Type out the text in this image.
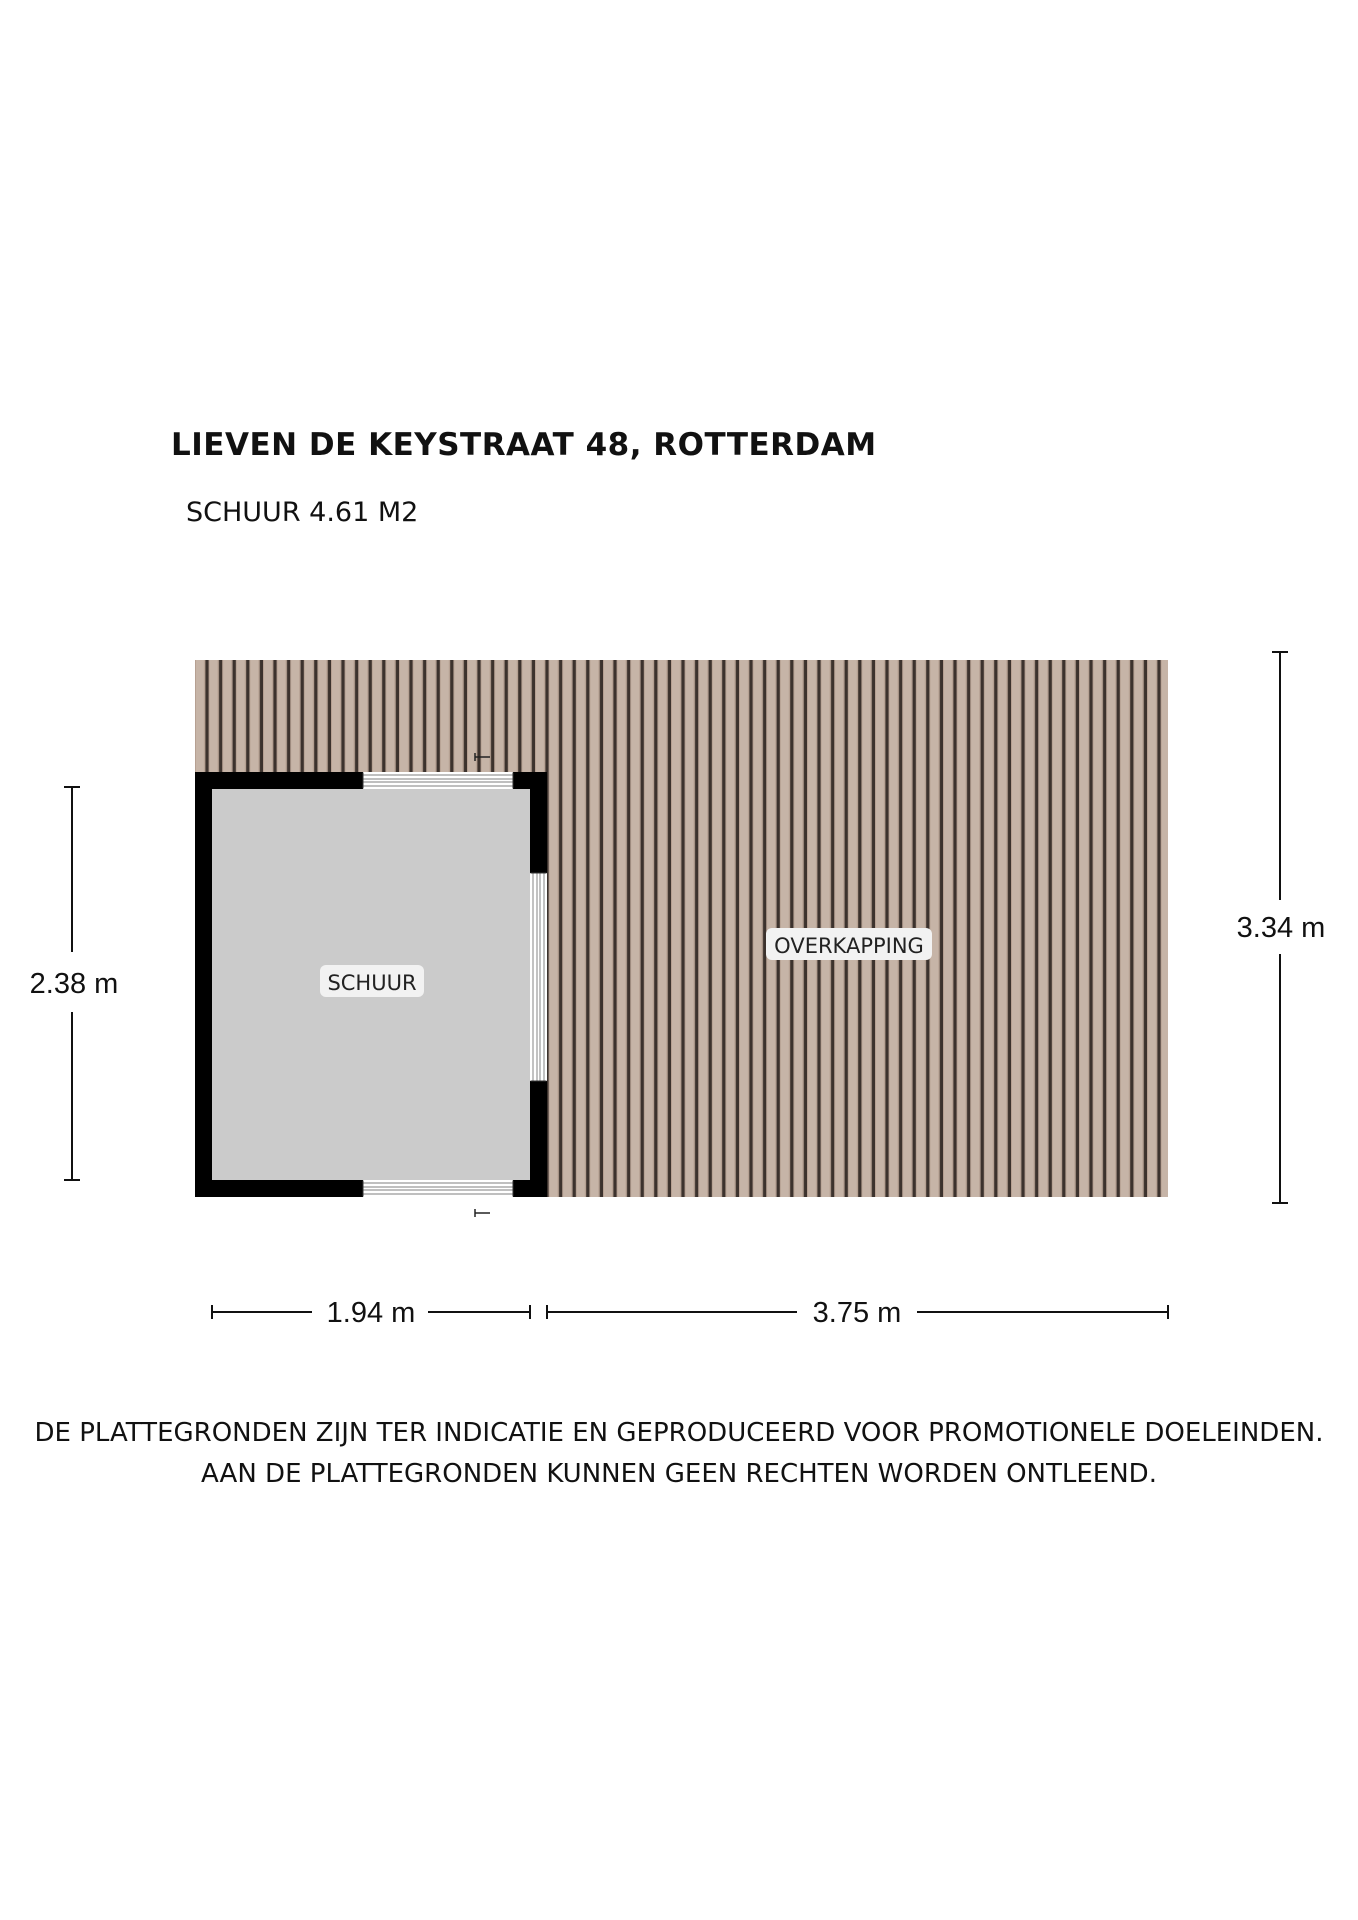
LIEVEN DE KEYSTRAAT 48, ROTTERDAM
SCHUUR 4.61 M2
SCHUUR
OVERKAPPING
2.38 m
3.34 m
1.94 m	3.75 m
DE PLATTEGRONDEN ZIJN TER INDICATIE EN GEPRODUCEERD VOOR PROMOTIONELE DOELEINDEN.
AAN DE PLATTEGRONDEN KUNNEN GEEN RECHTEN WORDEN ONTLEEND.
